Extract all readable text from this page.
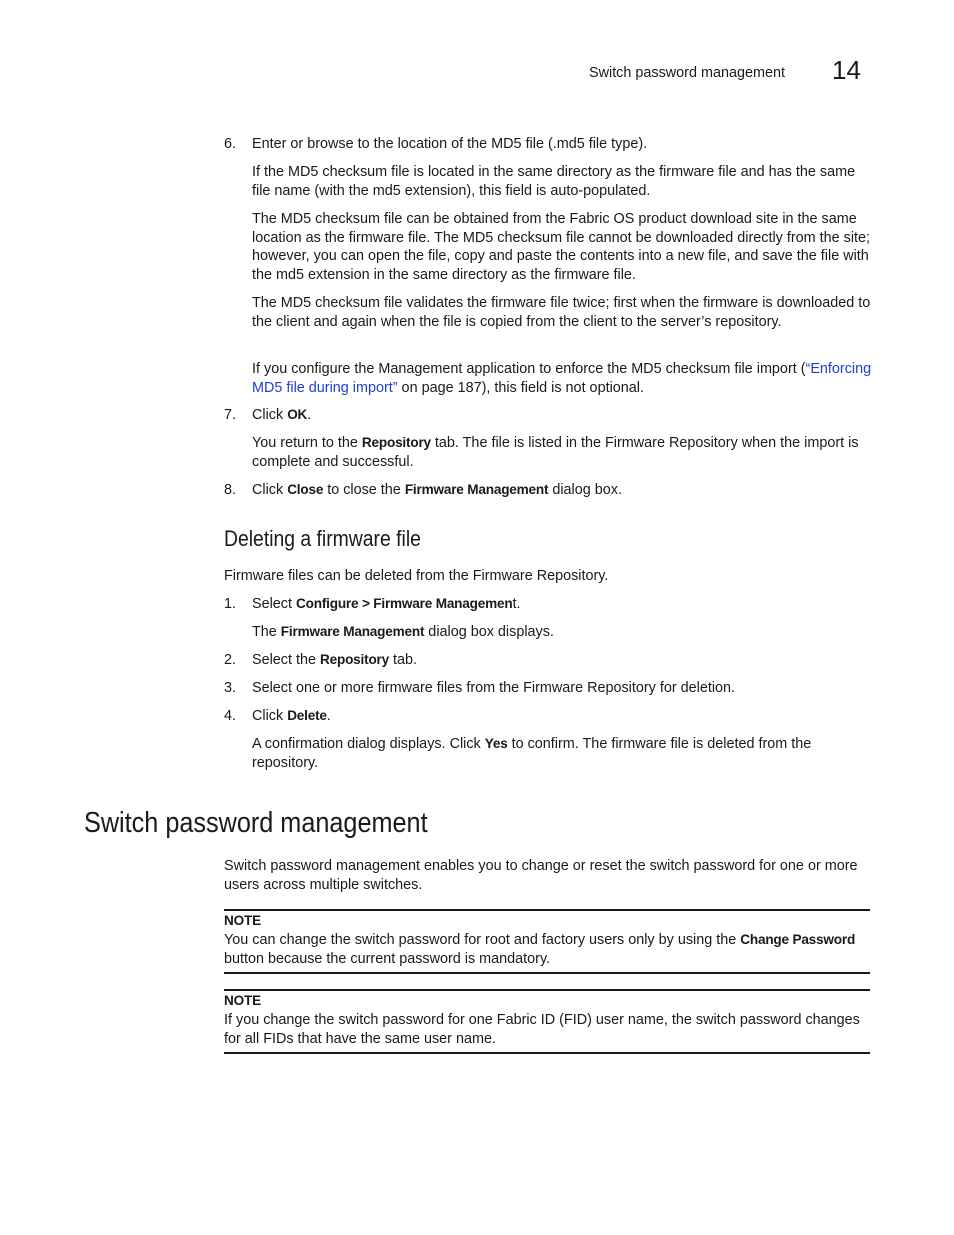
Switch password management 14
6. Enter or browse to the location of the MD5 file (.md5 file type).
If the MD5 checksum file is located in the same directory as the firmware file and has the same file name (with the md5 extension), this field is auto-populated.
The MD5 checksum file can be obtained from the Fabric OS product download site in the same location as the firmware file. The MD5 checksum file cannot be downloaded directly from the site; however, you can open the file, copy and paste the contents into a new file, and save the file with the md5 extension in the same directory as the firmware file.
The MD5 checksum file validates the firmware file twice; first when the firmware is downloaded to the client and again when the file is copied from the client to the server’s repository.
If you configure the Management application to enforce the MD5 checksum file import (“Enforcing MD5 file during import” on page 187), this field is not optional.
7. Click OK.
You return to the Repository tab. The file is listed in the Firmware Repository when the import is complete and successful.
8. Click Close to close the Firmware Management dialog box.
Deleting a firmware file
Firmware files can be deleted from the Firmware Repository.
1. Select Configure > Firmware Management.
The Firmware Management dialog box displays.
2. Select the Repository tab.
3. Select one or more firmware files from the Firmware Repository for deletion.
4. Click Delete.
A confirmation dialog displays. Click Yes to confirm. The firmware file is deleted from the repository.
Switch password management
Switch password management enables you to change or reset the switch password for one or more users across multiple switches.
NOTE
You can change the switch password for root and factory users only by using the Change Password button because the current password is mandatory.
NOTE
If you change the switch password for one Fabric ID (FID) user name, the switch password changes for all FIDs that have the same user name.
